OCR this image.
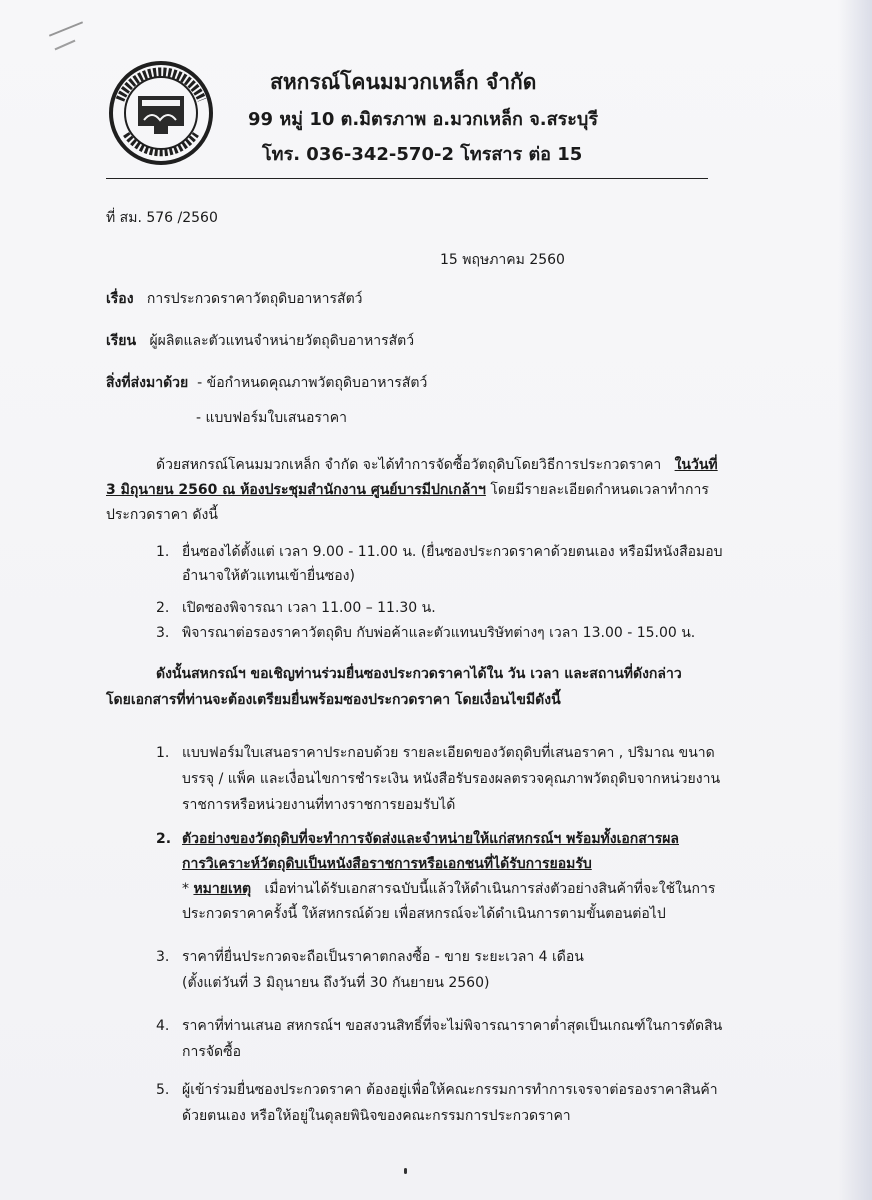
สหกรณ์โคนมมวกเหล็ก จำกัด
99 หมู่ 10 ต.มิตรภาพ อ.มวกเหล็ก จ.สระบุรี
โทร. 036-342-570-2 โทรสาร ต่อ 15
ที่ สม. 576 /2560
15 พฤษภาคม 2560
เรื่อง การประกวดราคาวัตถุดิบอาหารสัตว์
เรียน ผู้ผลิตและตัวแทนจำหน่ายวัตถุดิบอาหารสัตว์
สิ่งที่ส่งมาด้วย - ข้อกำหนดคุณภาพวัตถุดิบอาหารสัตว์
- แบบฟอร์มใบเสนอราคา
ด้วยสหกรณ์โคนมมวกเหล็ก จำกัด จะได้ทำการจัดซื้อวัตถุดิบโดยวิธีการประกวดราคา ในวันที่
3 มิถุนายน 2560 ณ ห้องประชุมสำนักงาน ศูนย์บารมีปกเกล้าฯ โดยมีรายละเอียดกำหนดเวลาทำการ
ประกวดราคา ดังนี้
1. ยื่นซองได้ตั้งแต่ เวลา 9.00 - 11.00 น. (ยื่นซองประกวดราคาด้วยตนเอง หรือมีหนังสือมอบ
อำนาจให้ตัวแทนเข้ายื่นซอง)
2. เปิดซองพิจารณา เวลา 11.00 – 11.30 น.
3. พิจารณาต่อรองราคาวัตถุดิบ กับพ่อค้าและตัวแทนบริษัทต่างๆ เวลา 13.00 - 15.00 น.
ดังนั้นสหกรณ์ฯ ขอเชิญท่านร่วมยื่นซองประกวดราคาได้ใน วัน เวลา และสถานที่ดังกล่าว
โดยเอกสารที่ท่านจะต้องเตรียมยื่นพร้อมซองประกวดราคา โดยเงื่อนไขมีดังนี้
1. แบบฟอร์มใบเสนอราคาประกอบด้วย รายละเอียดของวัตถุดิบที่เสนอราคา , ปริมาณ ขนาด
บรรจุ / แพ็ค และเงื่อนไขการชำระเงิน หนังสือรับรองผลตรวจคุณภาพวัตถุดิบจากหน่วยงาน
ราชการหรือหน่วยงานที่ทางราชการยอมรับได้
2. ตัวอย่างของวัตถุดิบที่จะทำการจัดส่งและจำหน่ายให้แก่สหกรณ์ฯ พร้อมทั้งเอกสารผล
การวิเคราะห์วัตถุดิบเป็นหนังสือราชการหรือเอกชนที่ได้รับการยอมรับ
* หมายเหตุ เมื่อท่านได้รับเอกสารฉบับนี้แล้วให้ดำเนินการส่งตัวอย่างสินค้าที่จะใช้ในการ
ประกวดราคาครั้งนี้ ให้สหกรณ์ด้วย เพื่อสหกรณ์จะได้ดำเนินการตามขั้นตอนต่อไป
3. ราคาที่ยื่นประกวดจะถือเป็นราคาตกลงซื้อ - ขาย ระยะเวลา 4 เดือน
(ตั้งแต่วันที่ 3 มิถุนายน ถึงวันที่ 30 กันยายน 2560)
4. ราคาที่ท่านเสนอ สหกรณ์ฯ ขอสงวนสิทธิ์ที่จะไม่พิจารณาราคาต่ำสุดเป็นเกณฑ์ในการตัดสิน
การจัดซื้อ
5. ผู้เข้าร่วมยื่นซองประกวดราคา ต้องอยู่เพื่อให้คณะกรรมการทำการเจรจาต่อรองราคาสินค้า
ด้วยตนเอง หรือให้อยู่ในดุลยพินิจของคณะกรรมการประกวดราคา
